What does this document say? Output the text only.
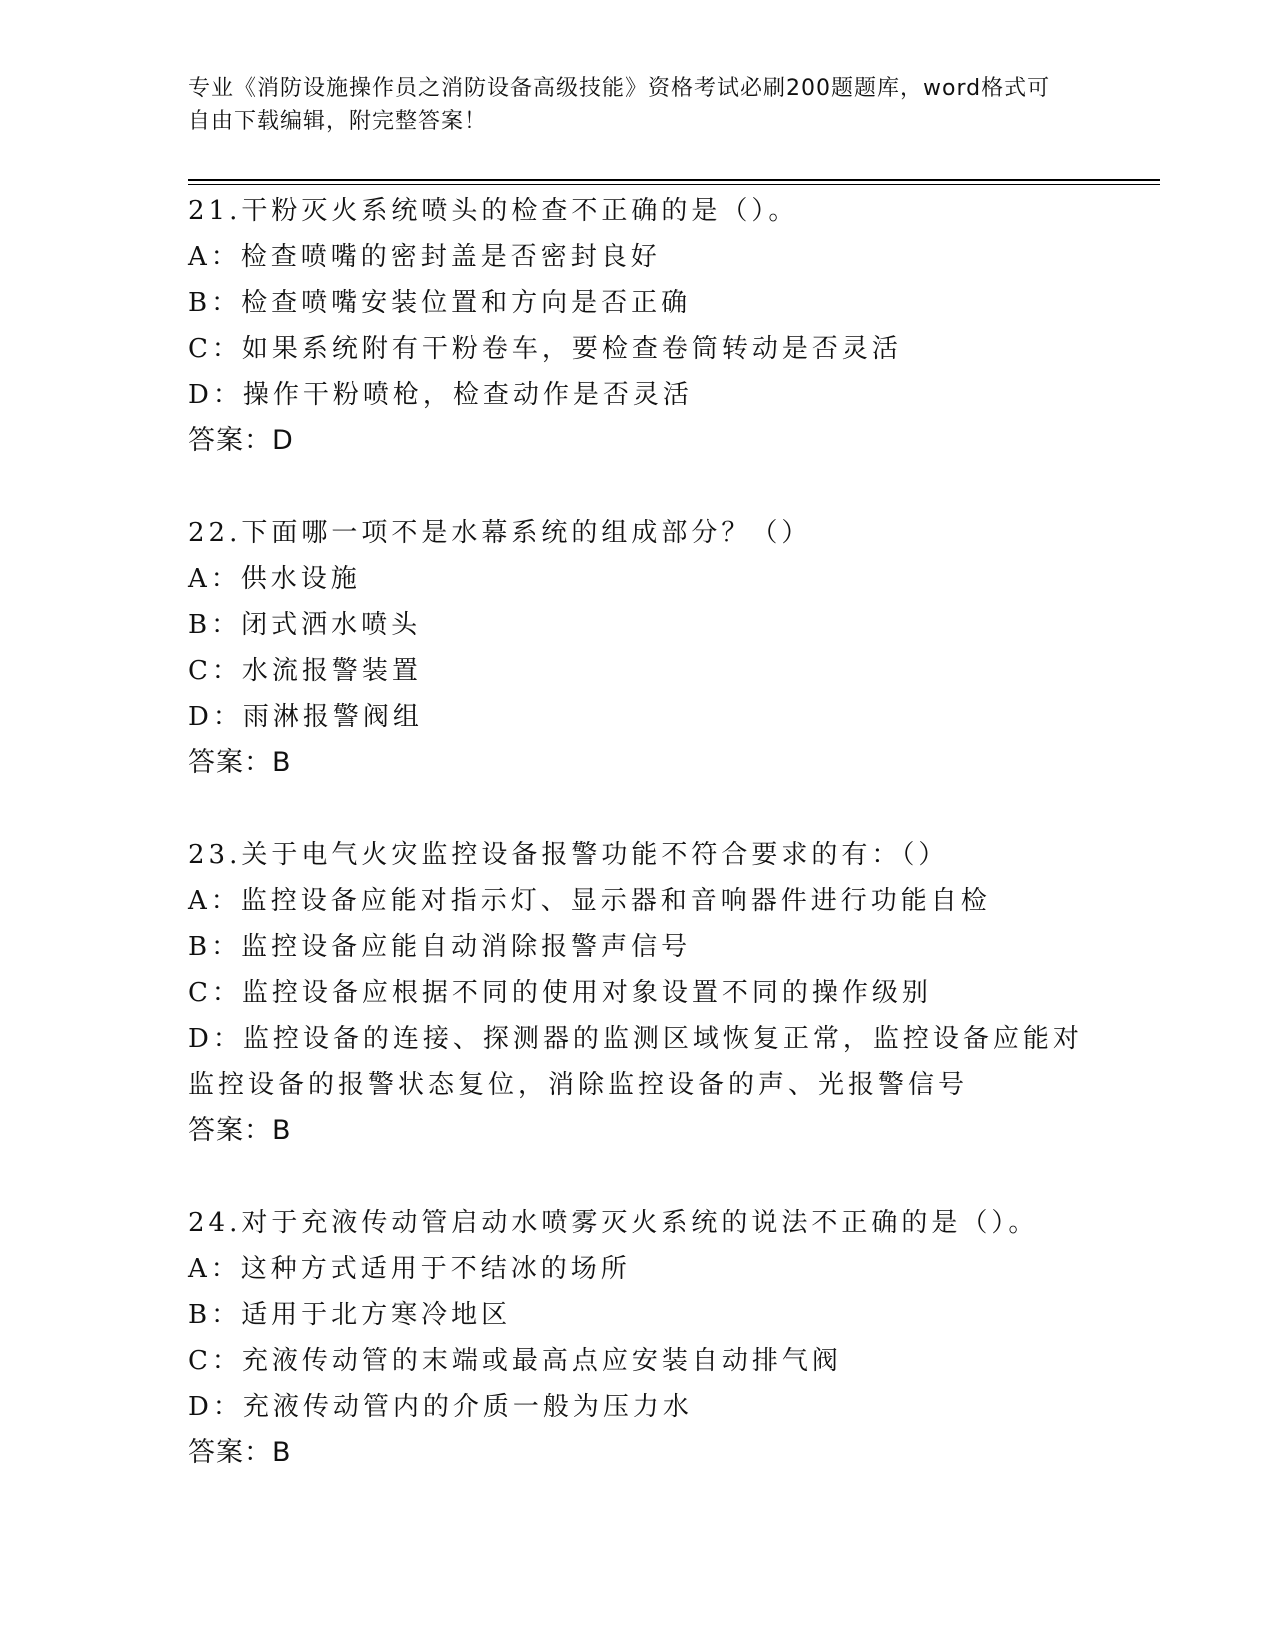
专业《消防设施操作员之消防设备高级技能》资格考试必刷200题题库，word格式可自由下载编辑，附完整答案！
21.干粉灭火系统喷头的检查不正确的是（）。
A：检查喷嘴的密封盖是否密封良好
B：检查喷嘴安装位置和方向是否正确
C：如果系统附有干粉卷车，要检查卷筒转动是否灵活
D：操作干粉喷枪，检查动作是否灵活
答案：D
22.下面哪一项不是水幕系统的组成部分？（）
A：供水设施
B：闭式洒水喷头
C：水流报警装置
D：雨淋报警阀组
答案：B
23.关于电气火灾监控设备报警功能不符合要求的有：（）
A：监控设备应能对指示灯、显示器和音响器件进行功能自检
B：监控设备应能自动消除报警声信号
C：监控设备应根据不同的使用对象设置不同的操作级别
D：监控设备的连接、探测器的监测区域恢复正常，监控设备应能对监控设备的报警状态复位，消除监控设备的声、光报警信号
答案：B
24.对于充液传动管启动水喷雾灭火系统的说法不正确的是（）。
A：这种方式适用于不结冰的场所
B：适用于北方寒冷地区
C：充液传动管的末端或最高点应安装自动排气阀
D：充液传动管内的介质一般为压力水
答案：B
